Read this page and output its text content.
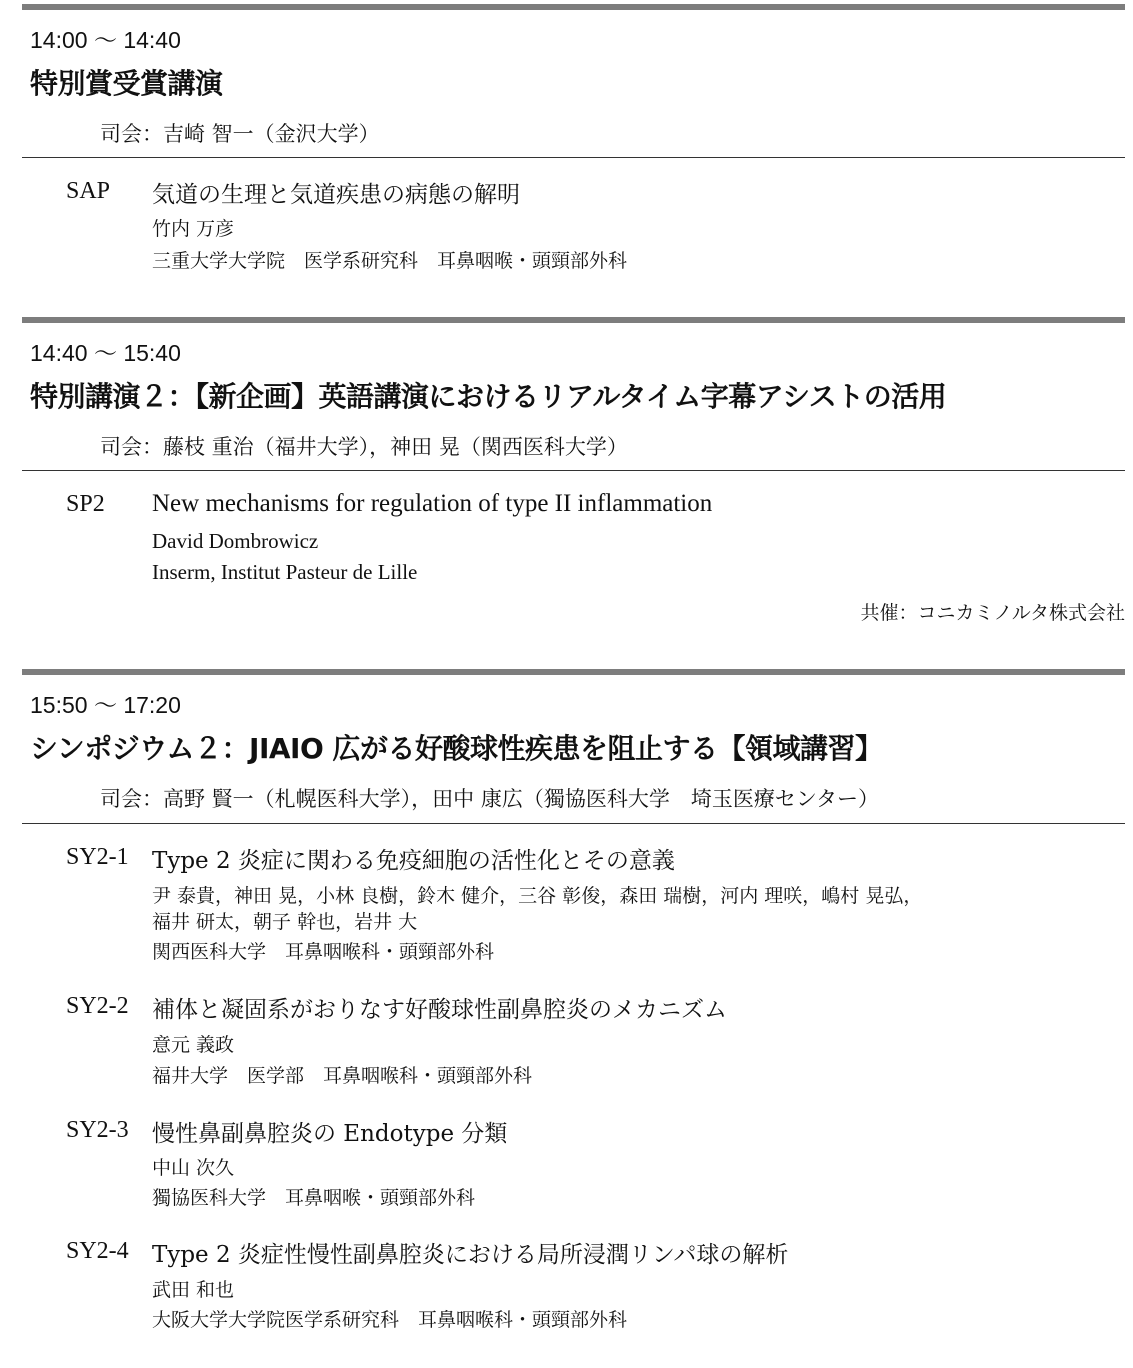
14:00 〜 14:40
特別賞受賞講演
司会：吉崎 智一（金沢大学）
SAP 気道の生理と気道疾患の病態の解明
竹内 万彦
三重大学大学院　医学系研究科　耳鼻咽喉・頭頸部外科
14:40 〜 15:40
特別講演２：【新企画】英語講演におけるリアルタイム字幕アシストの活用
司会：藤枝 重治（福井大学），神田 晃（関西医科大学）
SP2 New mechanisms for regulation of type II inflammation
David Dombrowicz
Inserm, Institut Pasteur de Lille
共催：コニカミノルタ株式会社
15:50 〜 17:20
シンポジウム２：JIAIO 広がる好酸球性疾患を阻止する【領域講習】
司会：高野 賢一（札幌医科大学），田中 康広（獨協医科大学　埼玉医療センター）
SY2-1 Type 2 炎症に関わる免疫細胞の活性化とその意義
尹 泰貴，神田 晃，小林 良樹，鈴木 健介，三谷 彰俊，森田 瑞樹，河内 理咲，嶋村 晃弘，
福井 研太，朝子 幹也，岩井 大
関西医科大学　耳鼻咽喉科・頭頸部外科
SY2-2 補体と凝固系がおりなす好酸球性副鼻腔炎のメカニズム
意元 義政
福井大学　医学部　耳鼻咽喉科・頭頸部外科
SY2-3 慢性鼻副鼻腔炎の Endotype 分類
中山 次久
獨協医科大学　耳鼻咽喉・頭頸部外科
SY2-4 Type 2 炎症性慢性副鼻腔炎における局所浸潤リンパ球の解析
武田 和也
大阪大学大学院医学系研究科　耳鼻咽喉科・頭頸部外科
